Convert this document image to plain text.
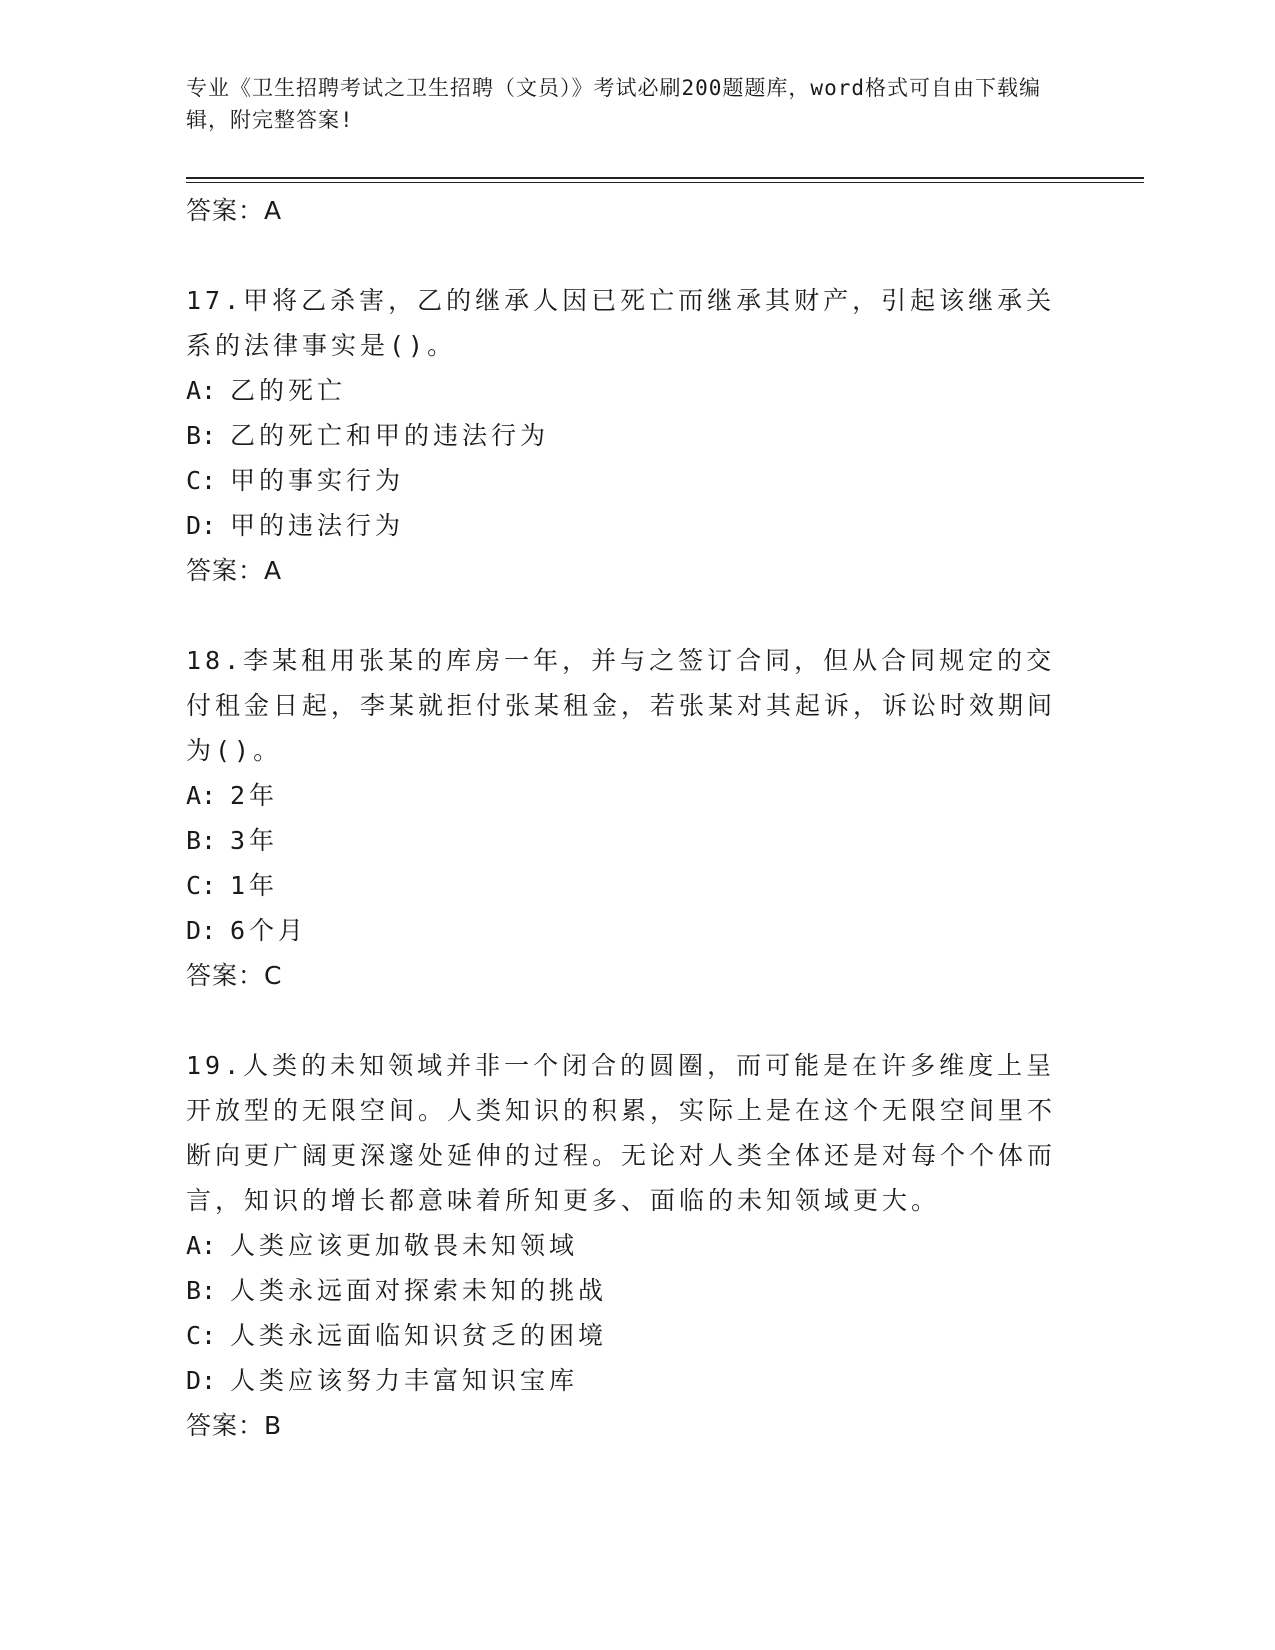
专业《卫生招聘考试之卫生招聘（文员）》考试必刷200题题库，word格式可自由下载编辑，附完整答案!
答案：A

17.甲将乙杀害，乙的继承人因已死亡而继承其财产，引起该继承关系的法律事实是()。

A: 乙的死亡

B: 乙的死亡和甲的违法行为

C: 甲的事实行为

D: 甲的违法行为

答案：A

18.李某租用张某的库房一年，并与之签订合同，但从合同规定的交付租金日起，李某就拒付张某租金，若张某对其起诉，诉讼时效期间为()。

A: 2年

B: 3年

C: 1年

D: 6个月

答案：C

19.人类的未知领域并非一个闭合的圆圈，而可能是在许多维度上呈开放型的无限空间。人类知识的积累，实际上是在这个无限空间里不断向更广阔更深邃处延伸的过程。无论对人类全体还是对每个个体而言，知识的增长都意味着所知更多、面临的未知领域更大。

A: 人类应该更加敬畏未知领域

B: 人类永远面对探索未知的挑战

C: 人类永远面临知识贫乏的困境

D: 人类应该努力丰富知识宝库

答案：B
